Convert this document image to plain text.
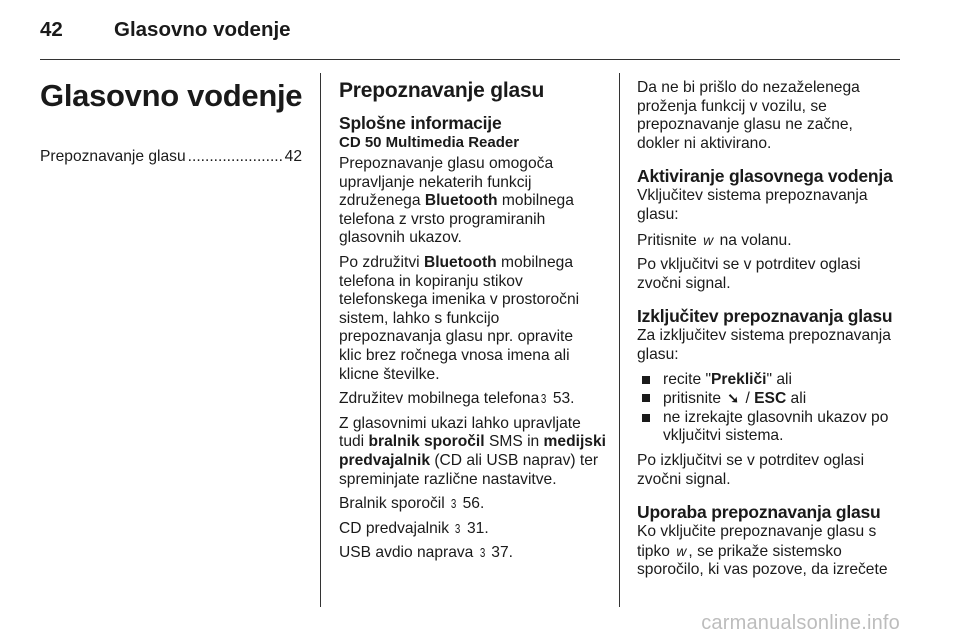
42	Glasovno vodenje
Glasovno vodenje
Prepoznavanje glasu
.....	42
Prepoznavanje glasu
Splošne informacije
CD 50 Multimedia Reader

Prepoznavanje glasu omogoča
upravljanje nekaterih funkcij
združenega Bluetooth mobilnega
telefona z vrsto programiranih
glasovnih ukazov.

Po združitvi Bluetooth mobilnega
telefona in kopiranju stikov
telefonskega imenika v prostoročni
sistem, lahko s funkcijo
prepoznavanja glasu npr. opravite
klic brez ročnega vnosa imena ali
klicne številke.

Združitev mobilnega telefona 3 53.

Z glasovnimi ukazi lahko upravljate
tudi bralnik sporočil SMS in medijski
predvajalnik (CD ali USB naprav) ter
spreminjate različne nastavitve.

Bralnik sporočil 3 56.

CD predvajalnik 3 31.

USB avdio naprava 3 37.

Da ne bi prišlo do nezaželenega
proženja funkcij v vozilu, se
prepoznavanje glasu ne začne,
dokler ni aktivirano.

Aktiviranje glasovnega vodenja

Vključitev sistema prepoznavanja
glasu:

Pritisnite w na volanu.

Po vključitvi se v potrditev oglasi
zvočni signal.

Izključitev prepoznavanja glasu

Za izključitev sistema prepoznavanja
glasu:

recite "Prekliči" ali
pritisnite ➘ / ESC ali
ne izrekajte glasovnih ukazov po
vključitvi sistema.

Po izključitvi se v potrditev oglasi
zvočni signal.

Uporaba prepoznavanja glasu

Ko vključite prepoznavanje glasu s
tipko w , se prikaže sistemsko
sporočilo, ki vas pozove, da izrečete

carmanualsonline.info
